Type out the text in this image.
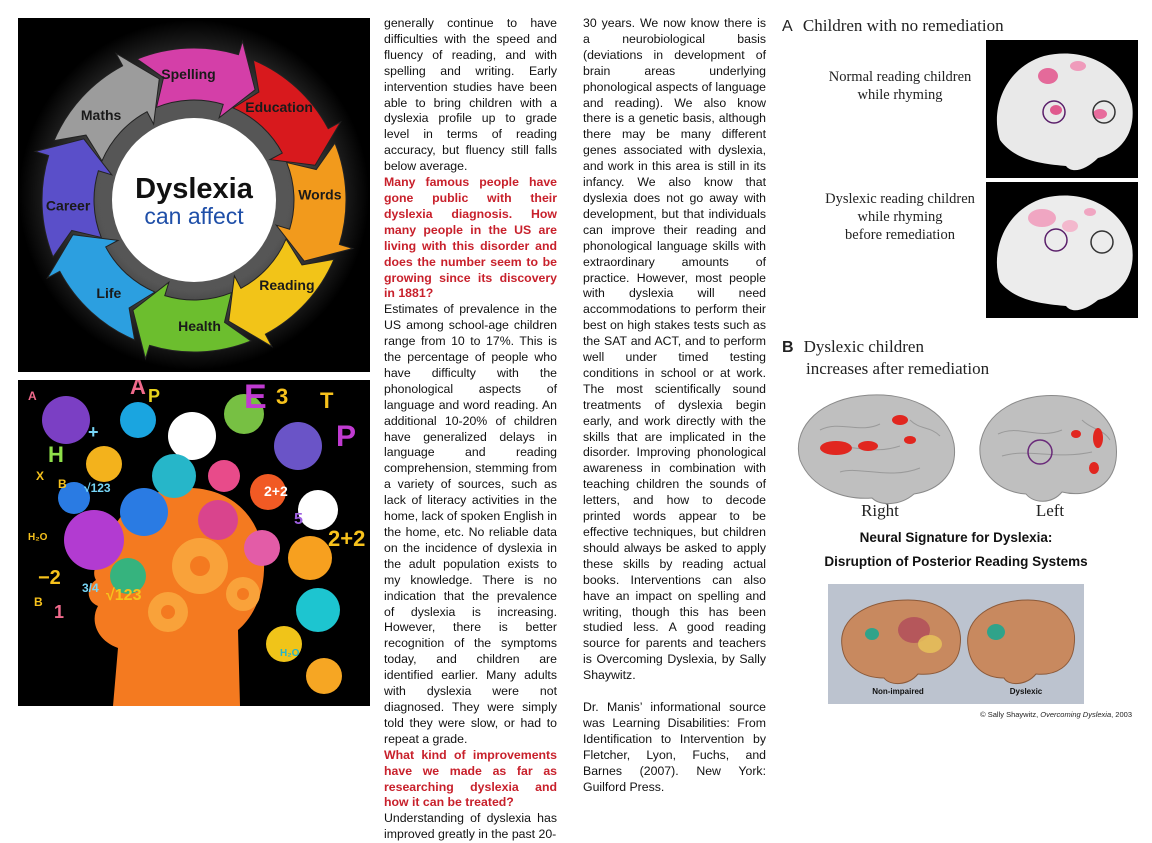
Dyslexia
can affect
Spelling
Education
Words
Reading
Health
Life
Career
Maths
A P E 3 T
P
H
B
+
X
H₂O
H₂O
2+2
2+2
5
−2 3/4 √123
√123
B 1
A

generally continue to have difficulties with the speed and fluency of reading, and with spelling and writing. Early intervention studies have been able to bring children with a dyslexia profile up to grade level in terms of reading accuracy, but fluency still falls below average.

Many famous people have gone public with their dyslexia diagnosis. How many people in the US are living with this disorder and does the number seem to be growing since its discovery in 1881?

Estimates of prevalence in the US among school-age children range from 10 to 17%. This is the percentage of people who have difficulty with the phonological aspects of language and word reading. An additional 10-20% of children have generalized delays in language and reading comprehension, stemming from a variety of sources, such as lack of literacy activities in the home, lack of spoken English in the home, etc. No reliable data on the incidence of dyslexia in the adult population exists to my knowledge. There is no indication that the prevalence of dyslexia is increasing. However, there is better recognition of the symptoms today, and children are identified earlier. Many adults with dyslexia were not diagnosed. They were simply told they were slow, or had to repeat a grade.

What kind of improvements have we made as far as researching dyslexia and how it can be treated?

Understanding of dyslexia has improved greatly in the past 20-

30 years. We now know there is a neurobiological basis (deviations in development of brain areas underlying phonological aspects of language and reading). We also know there is a genetic basis, although there may be many different genes associated with dyslexia, and work in this area is still in its infancy. We also know that dyslexia does not go away with development, but that individuals can improve their reading and phonological language skills with extraordinary amounts of practice. However, most people with dyslexia will need accommodations to perform their best on high stakes tests such as the SAT and ACT, and to perform well under timed testing conditions in school or at work. The most scientifically sound treatments of dyslexia begin early, and work directly with the skills that are implicated in the disorder. Improving phonological awareness in combination with teaching children the sounds of letters, and how to decode printed words appear to be effective techniques, but children should always be asked to apply these skills by reading actual books. Interventions can also have an impact on spelling and writing, though this has been studied less. A good reading source for parents and teachers is Overcoming Dyslexia, by Sally Shaywitz.

Dr. Manis’ informational source was Learning Disabilities: From Identification to Intervention by Fletcher, Lyon, Fuchs, and Barnes (2007). New York: Guilford Press.

A Children with no remediation
Normal reading children
while rhyming
Dyslexic reading children
while rhyming
before remediation
B Dyslexic children
increases after remediation
Right	Left
Neural Signature for Dyslexia:
Disruption of Posterior Reading Systems
Non-impaired	Dyslexic
© Sally Shaywitz, Overcoming Dyslexia, 2003
